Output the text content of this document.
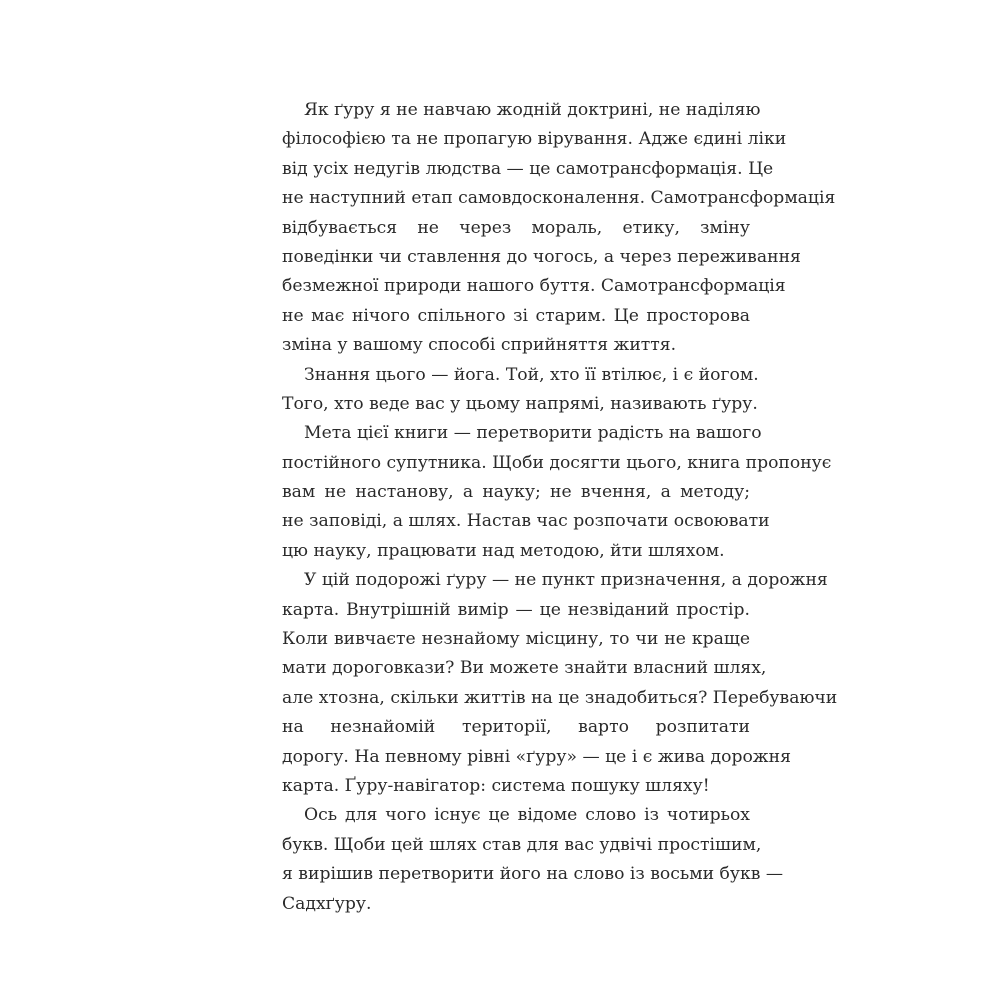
Як ґуру я не навчаю жодній доктрині, не наділяю
філософією та не пропагую вірування. Адже єдині ліки
від усіх недугів людства — це самотрансформація. Це
не наступний етап самовдосконалення. Самотрансформація
відбувається не через мораль, етику, зміну
поведінки чи ставлення до чогось, а через переживання
безмежної природи нашого буття. Самотрансформація
не має нічого спільного зі старим. Це просторова
зміна у вашому способі сприйняття життя.
Знання цього — йога. Той, хто її втілює, і є йогом.
Того, хто веде вас у цьому напрямі, називають ґуру.
Мета цієї книги — перетворити радість на вашого
постійного супутника. Щоби досягти цього, книга пропонує
вам не настанову, а науку; не вчення, а методу;
не заповіді, а шлях. Настав час розпочати освоювати
цю науку, працювати над методою, йти шляхом.
У цій подорожі ґуру — не пункт призначення, а дорожня
карта. Внутрішній вимір — це незвіданий простір.
Коли вивчаєте незнайому місцину, то чи не краще
мати дороговкази? Ви можете знайти власний шлях,
але хтозна, скільки життів на це знадобиться? Перебуваючи
на незнайомій території, варто розпитати
дорогу. На певному рівні «ґуру» — це і є жива дорожня
карта. Ґуру-навігатор: система пошуку шляху!
Ось для чого існує це відоме слово із чотирьох
букв. Щоби цей шлях став для вас удвічі простішим,
я вирішив перетворити його на слово із восьми букв —
Садхґуру.
